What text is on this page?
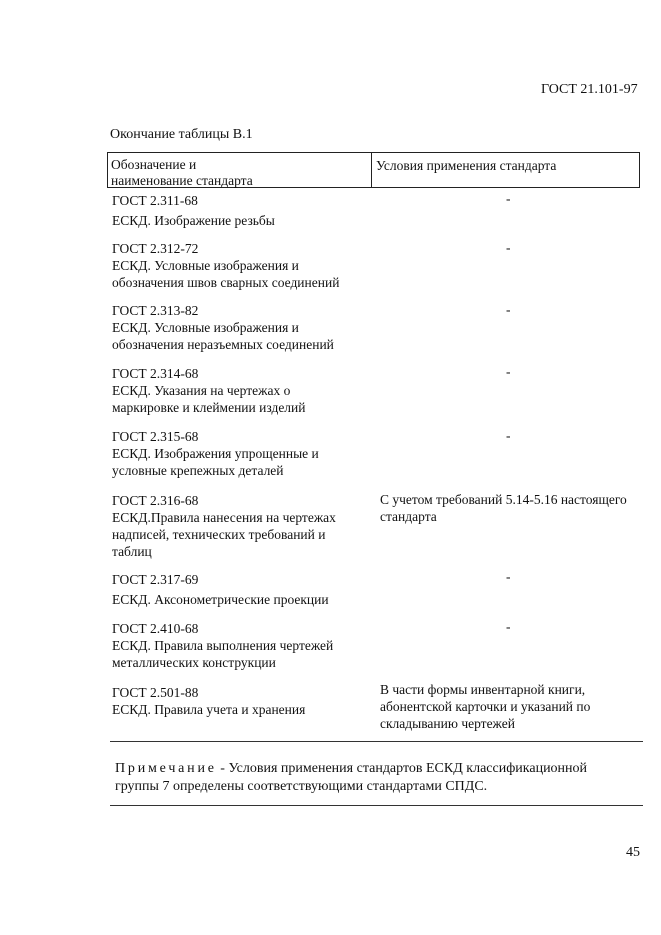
ГОСТ 21.101-97
Окончание таблицы В.1
Обозначение и
наименование стандарта
Условия применения стандарта
ГОСТ 2.311-68
ЕСКД. Изображение резьбы
-
ГОСТ 2.312-72
ЕСКД. Условные изображения и
обозначения швов сварных соединений
-
ГОСТ 2.313-82
ЕСКД. Условные изображения и
обозначения неразъемных соединений
-
ГОСТ 2.314-68
ЕСКД. Указания на чертежах о
маркировке и клеймении изделий
-
ГОСТ 2.315-68
ЕСКД. Изображения упрощенные и
условные крепежных деталей
-
ГОСТ 2.316-68
ЕСКД.Правила нанесения на чертежах
надписей, технических требований и
таблиц
С учетом требований 5.14-5.16 настоящего
стандарта
ГОСТ 2.317-69
ЕСКД. Аксонометрические проекции
-
ГОСТ 2.410-68
ЕСКД. Правила выполнения чертежей
металлических конструкции
-
ГОСТ 2.501-88
ЕСКД. Правила учета и хранения
В части формы инвентарной книги,
абонентской карточки и указаний по
складыванию чертежей
Примечание - Условия применения стандартов ЕСКД классификационной
группы 7 определены соответствующими стандартами СПДС.
45
